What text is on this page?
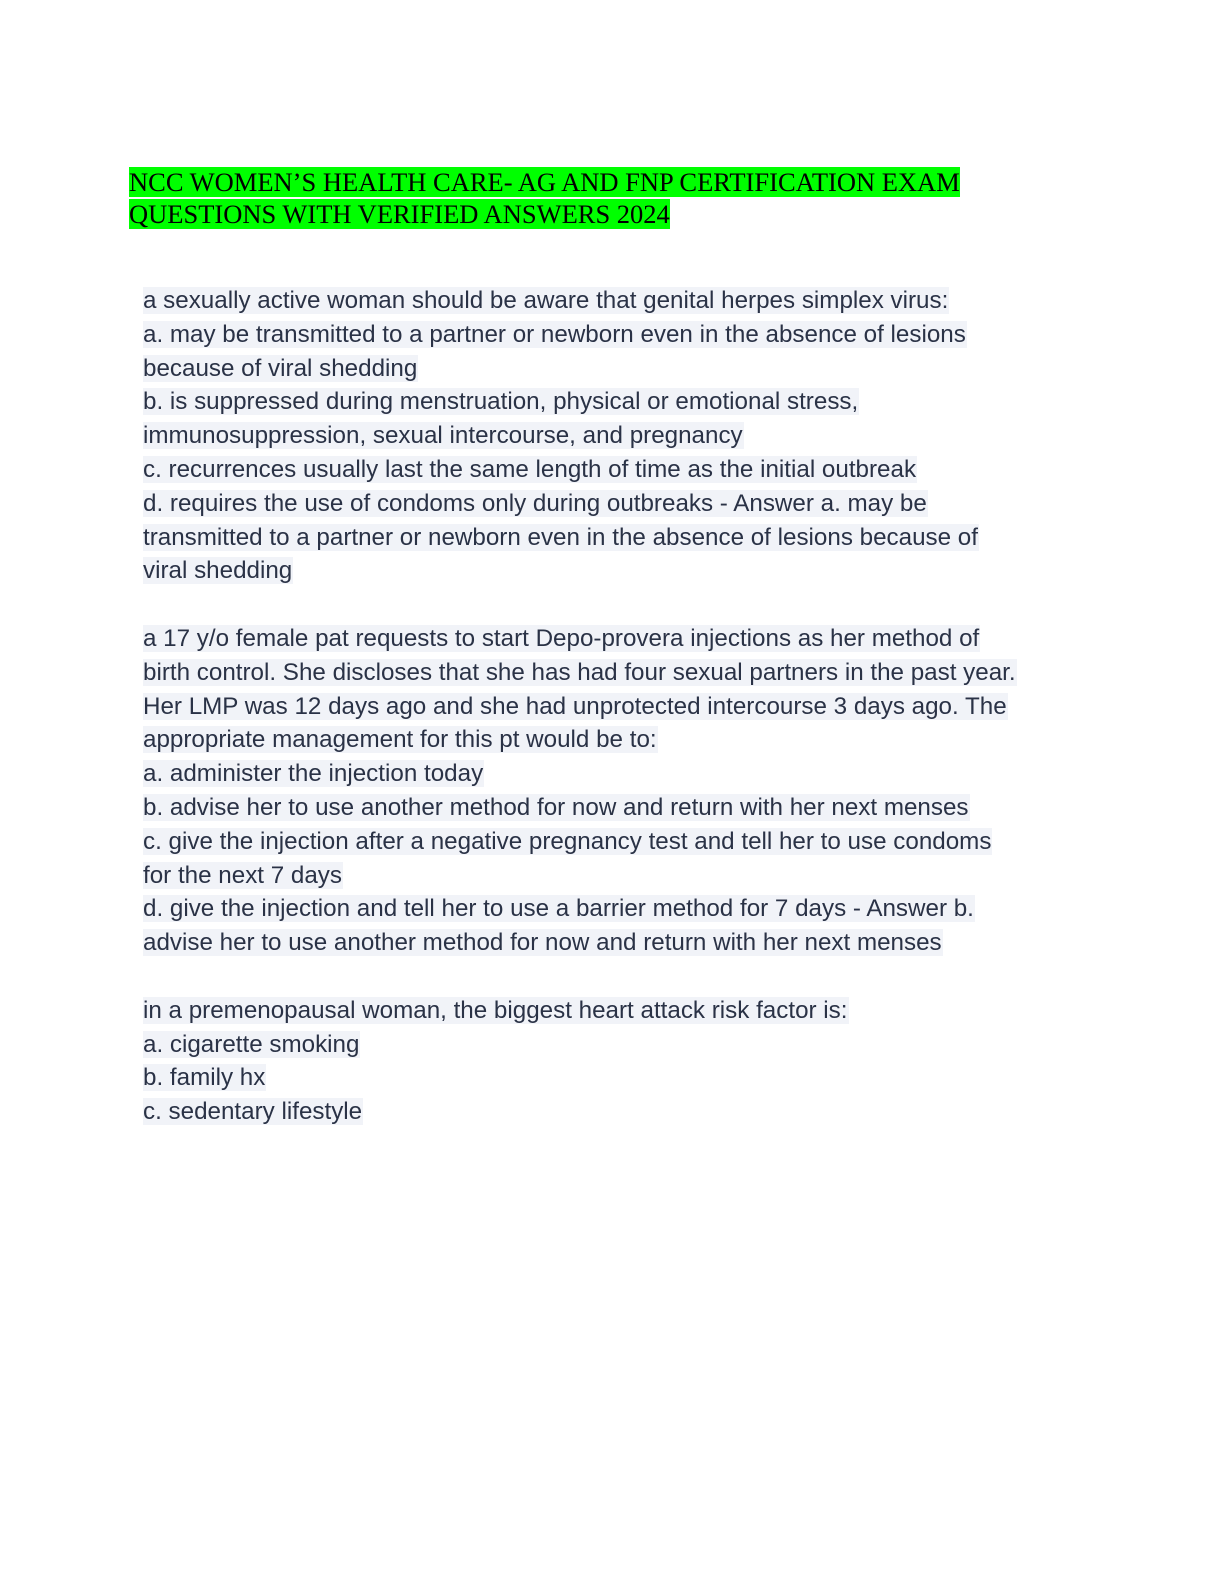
NCC WOMEN’S HEALTH CARE- AG AND FNP CERTIFICATION EXAM
QUESTIONS WITH VERIFIED ANSWERS 2024
a sexually active woman should be aware that genital herpes simplex virus:
a. may be transmitted to a partner or newborn even in the absence of lesions
because of viral shedding
b. is suppressed during menstruation, physical or emotional stress,
immunosuppression, sexual intercourse, and pregnancy
c. recurrences usually last the same length of time as the initial outbreak
d. requires the use of condoms only during outbreaks - Answer a. may be
transmitted to a partner or newborn even in the absence of lesions because of
viral shedding
a 17 y/o female pat requests to start Depo-provera injections as her method of
birth control. She discloses that she has had four sexual partners in the past year.
Her LMP was 12 days ago and she had unprotected intercourse 3 days ago. The
appropriate management for this pt would be to:
a. administer the injection today
b. advise her to use another method for now and return with her next menses
c. give the injection after a negative pregnancy test and tell her to use condoms
for the next 7 days
d. give the injection and tell her to use a barrier method for 7 days - Answer b.
advise her to use another method for now and return with her next menses
in a premenopausal woman, the biggest heart attack risk factor is:
a. cigarette smoking
b. family hx
c. sedentary lifestyle
